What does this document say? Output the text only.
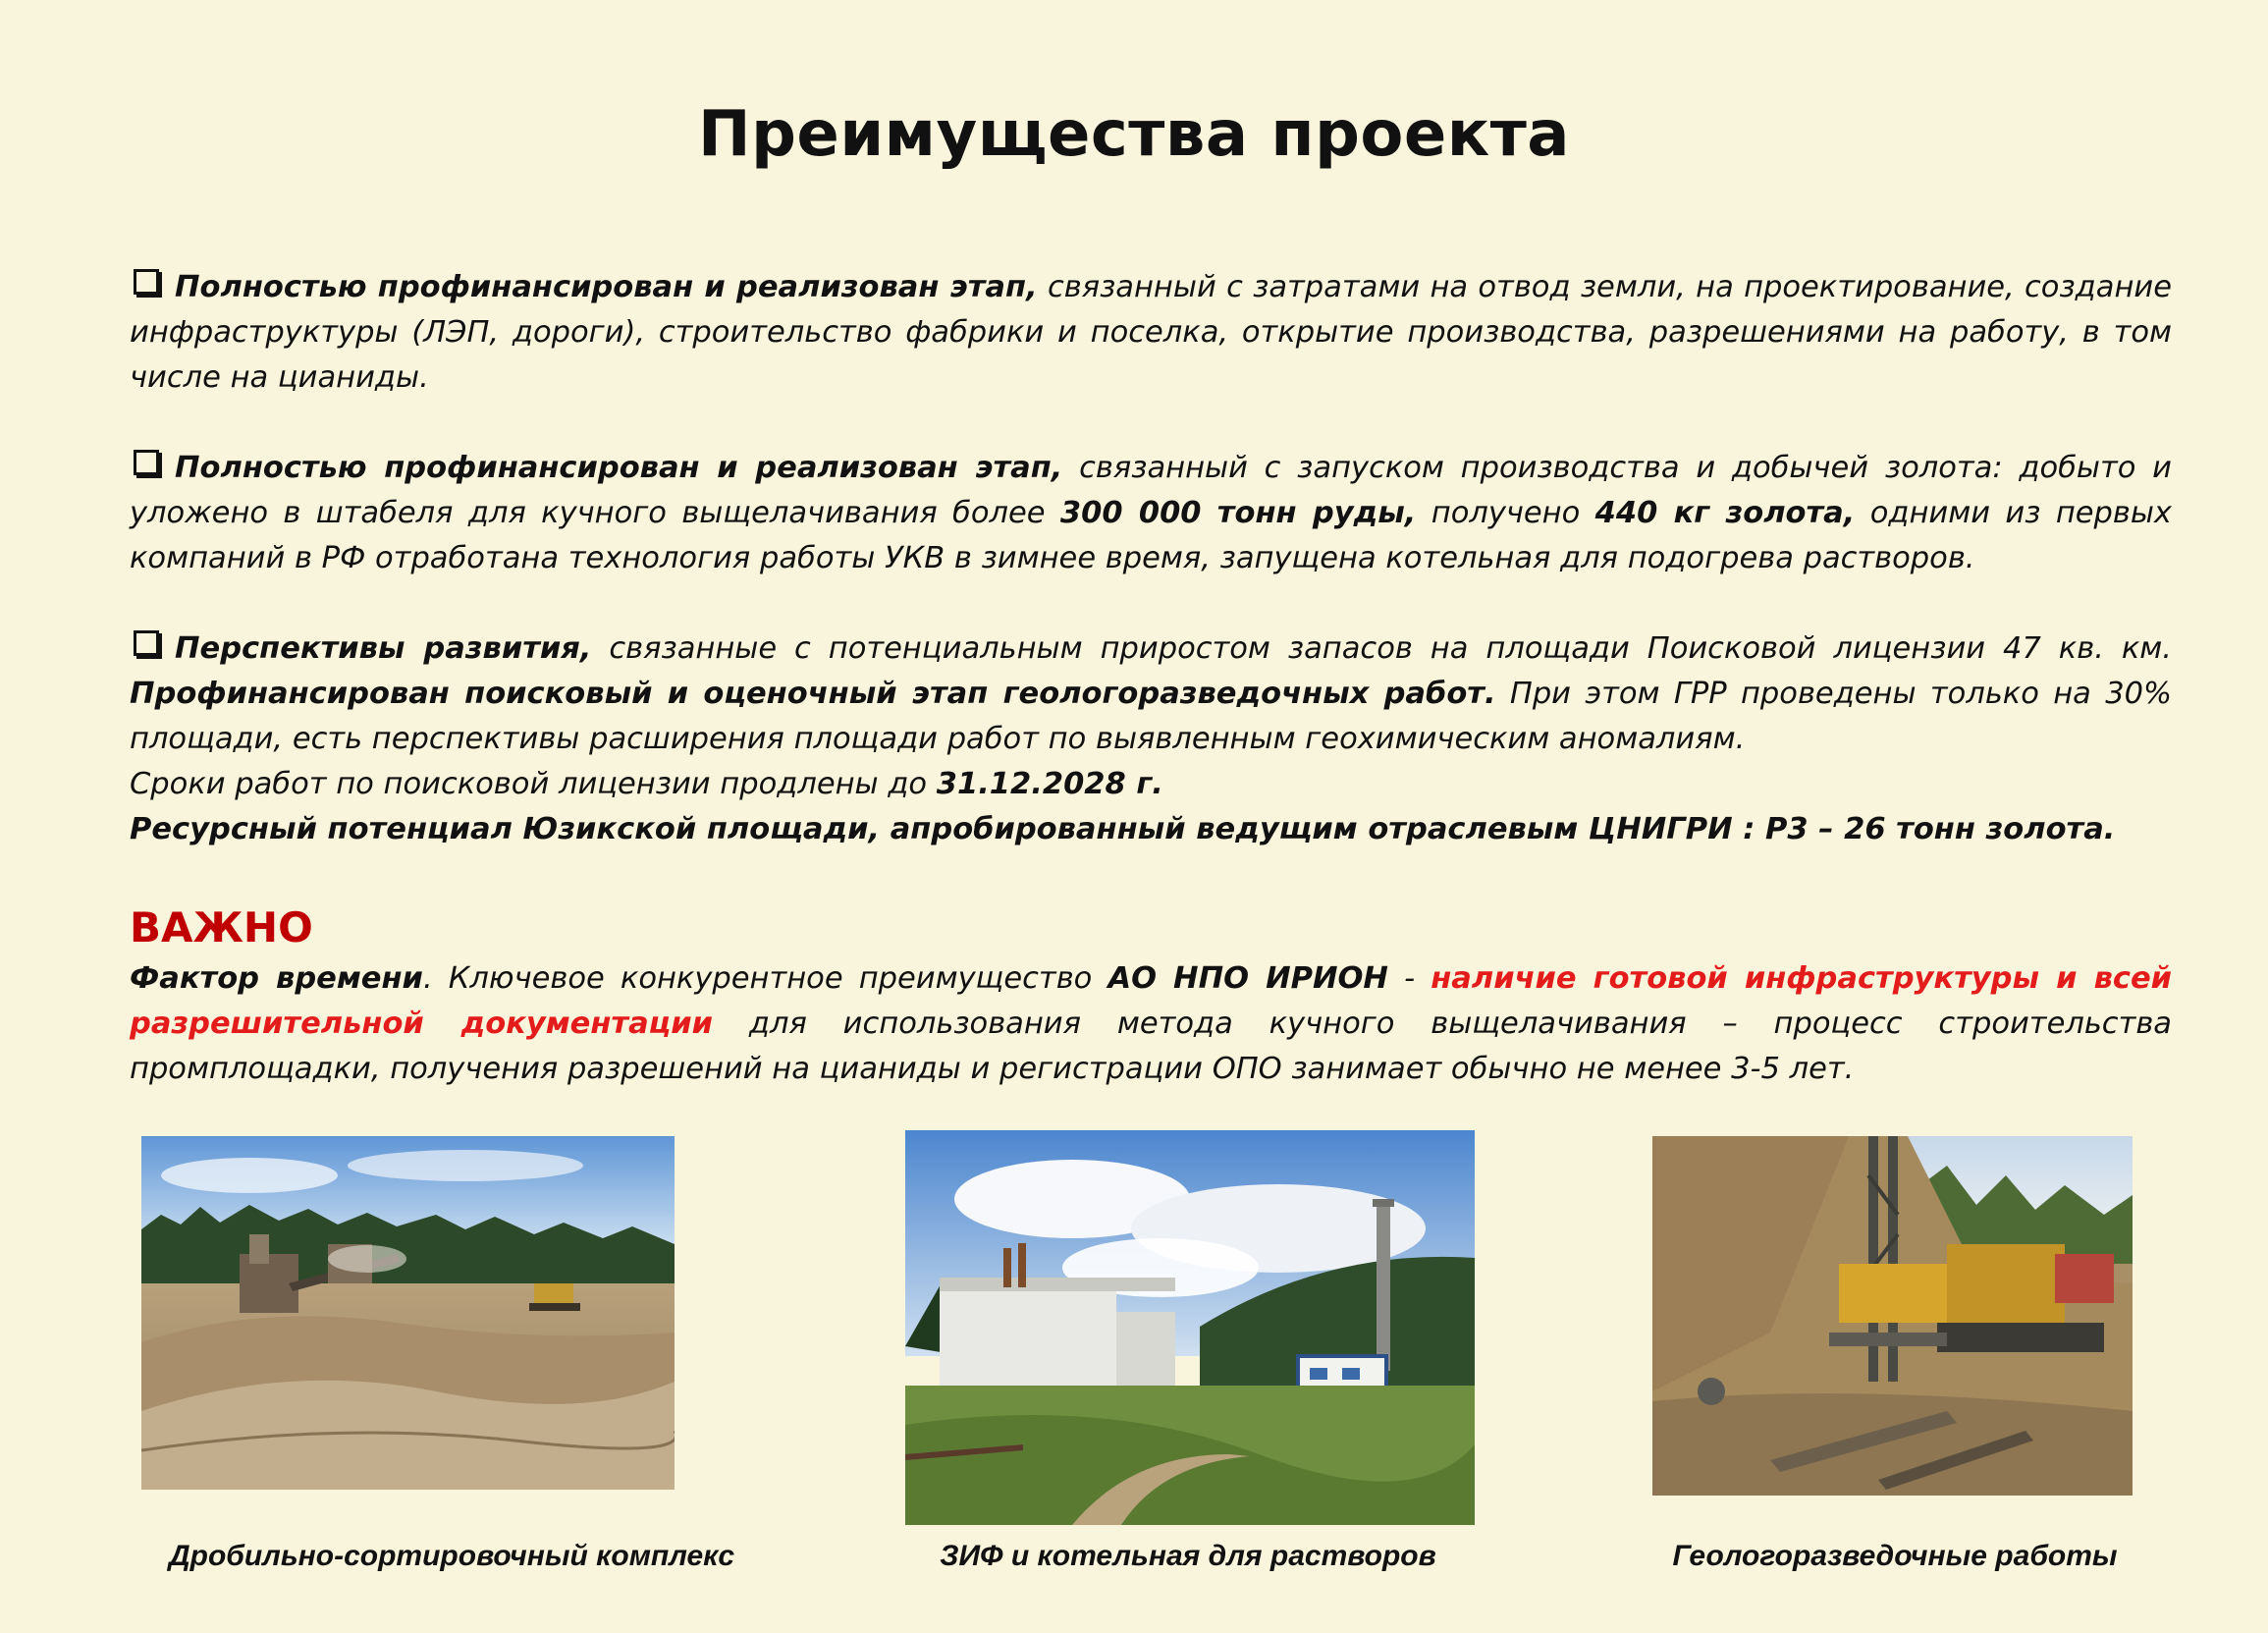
Преимущества проекта

Полностью профинансирован и реализован этап, связанный с затратами на отвод земли, на проектирование, создание инфраструктуры (ЛЭП, дороги), строительство фабрики и поселка, открытие производства, разрешениями на работу, в том числе на цианиды.

Полностью профинансирован и реализован этап, связанный с запуском производства и добычей золота: добыто и уложено в штабеля для кучного выщелачивания более 300 000 тонн руды, получено 440 кг золота, одними из первых компаний в РФ отработана технология работы УКВ в зимнее время, запущена котельная для подогрева растворов.

Перспективы развития, связанные с потенциальным приростом запасов на площади Поисковой лицензии 47 кв. км. Профинансирован поисковый и оценочный этап геологоразведочных работ. При этом ГРР проведены только на 30% площади, есть перспективы расширения площади работ по выявленным геохимическим аномалиям.

Сроки работ по поисковой лицензии продлены до 31.12.2028 г.

Ресурсный потенциал Юзикской площади, апробированный ведущим отраслевым ЦНИГРИ : Р3 – 26 тонн золота.

ВАЖНО

Фактор времени. Ключевое конкурентное преимущество АО НПО ИРИОН - наличие готовой инфраструктуры и всей разрешительной документации для использования метода кучного выщелачивания – процесс строительства промплощадки, получения разрешений на цианиды и регистрации ОПО занимает обычно не менее 3-5 лет.

Дробильно-сортировочный комплекс	ЗИФ и котельная для растворов	Геологоразведочные работы
